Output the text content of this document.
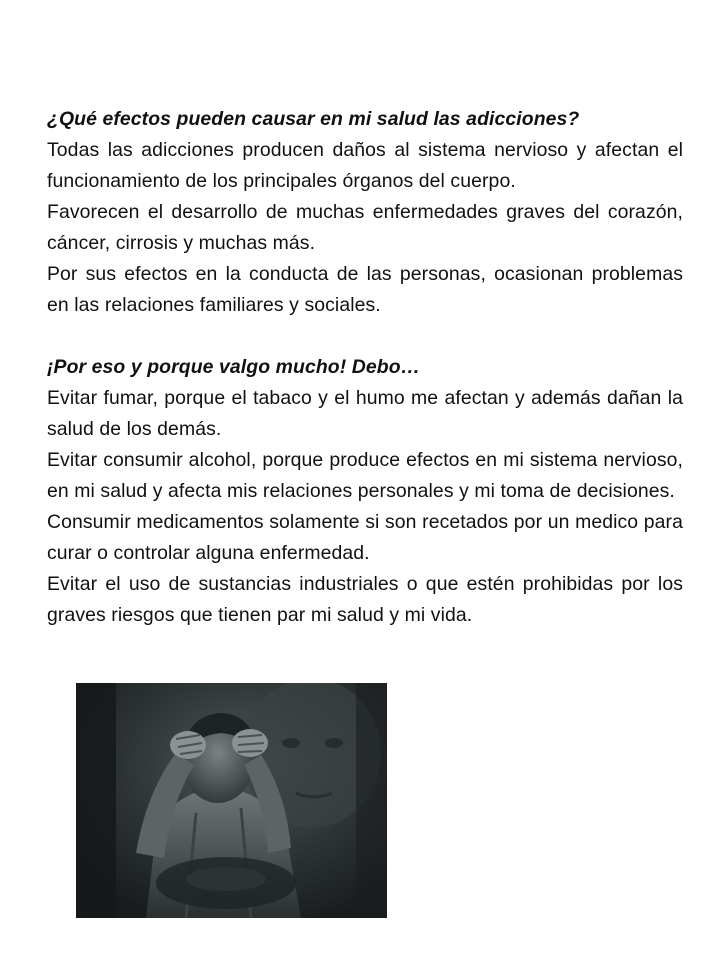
¿Qué efectos pueden causar en mi salud las adicciones?

Todas las adicciones producen daños al sistema nervioso y afectan el funcionamiento de los principales órganos del cuerpo.

Favorecen el desarrollo de muchas enfermedades graves del corazón, cáncer, cirrosis y muchas más.

Por sus efectos en la conducta de las personas, ocasionan problemas en las relaciones familiares y sociales.

¡Por eso y porque valgo mucho! Debo…

Evitar fumar, porque el tabaco y el humo me afectan y además dañan la salud de los demás.

Evitar consumir alcohol, porque produce efectos en mi sistema nervioso, en mi salud y afecta mis relaciones personales y mi toma de decisiones.

Consumir medicamentos solamente si son recetados por un medico para curar o controlar alguna enfermedad.

Evitar el uso de sustancias industriales o que estén prohibidas por los graves riesgos que tienen par mi salud y mi vida.
